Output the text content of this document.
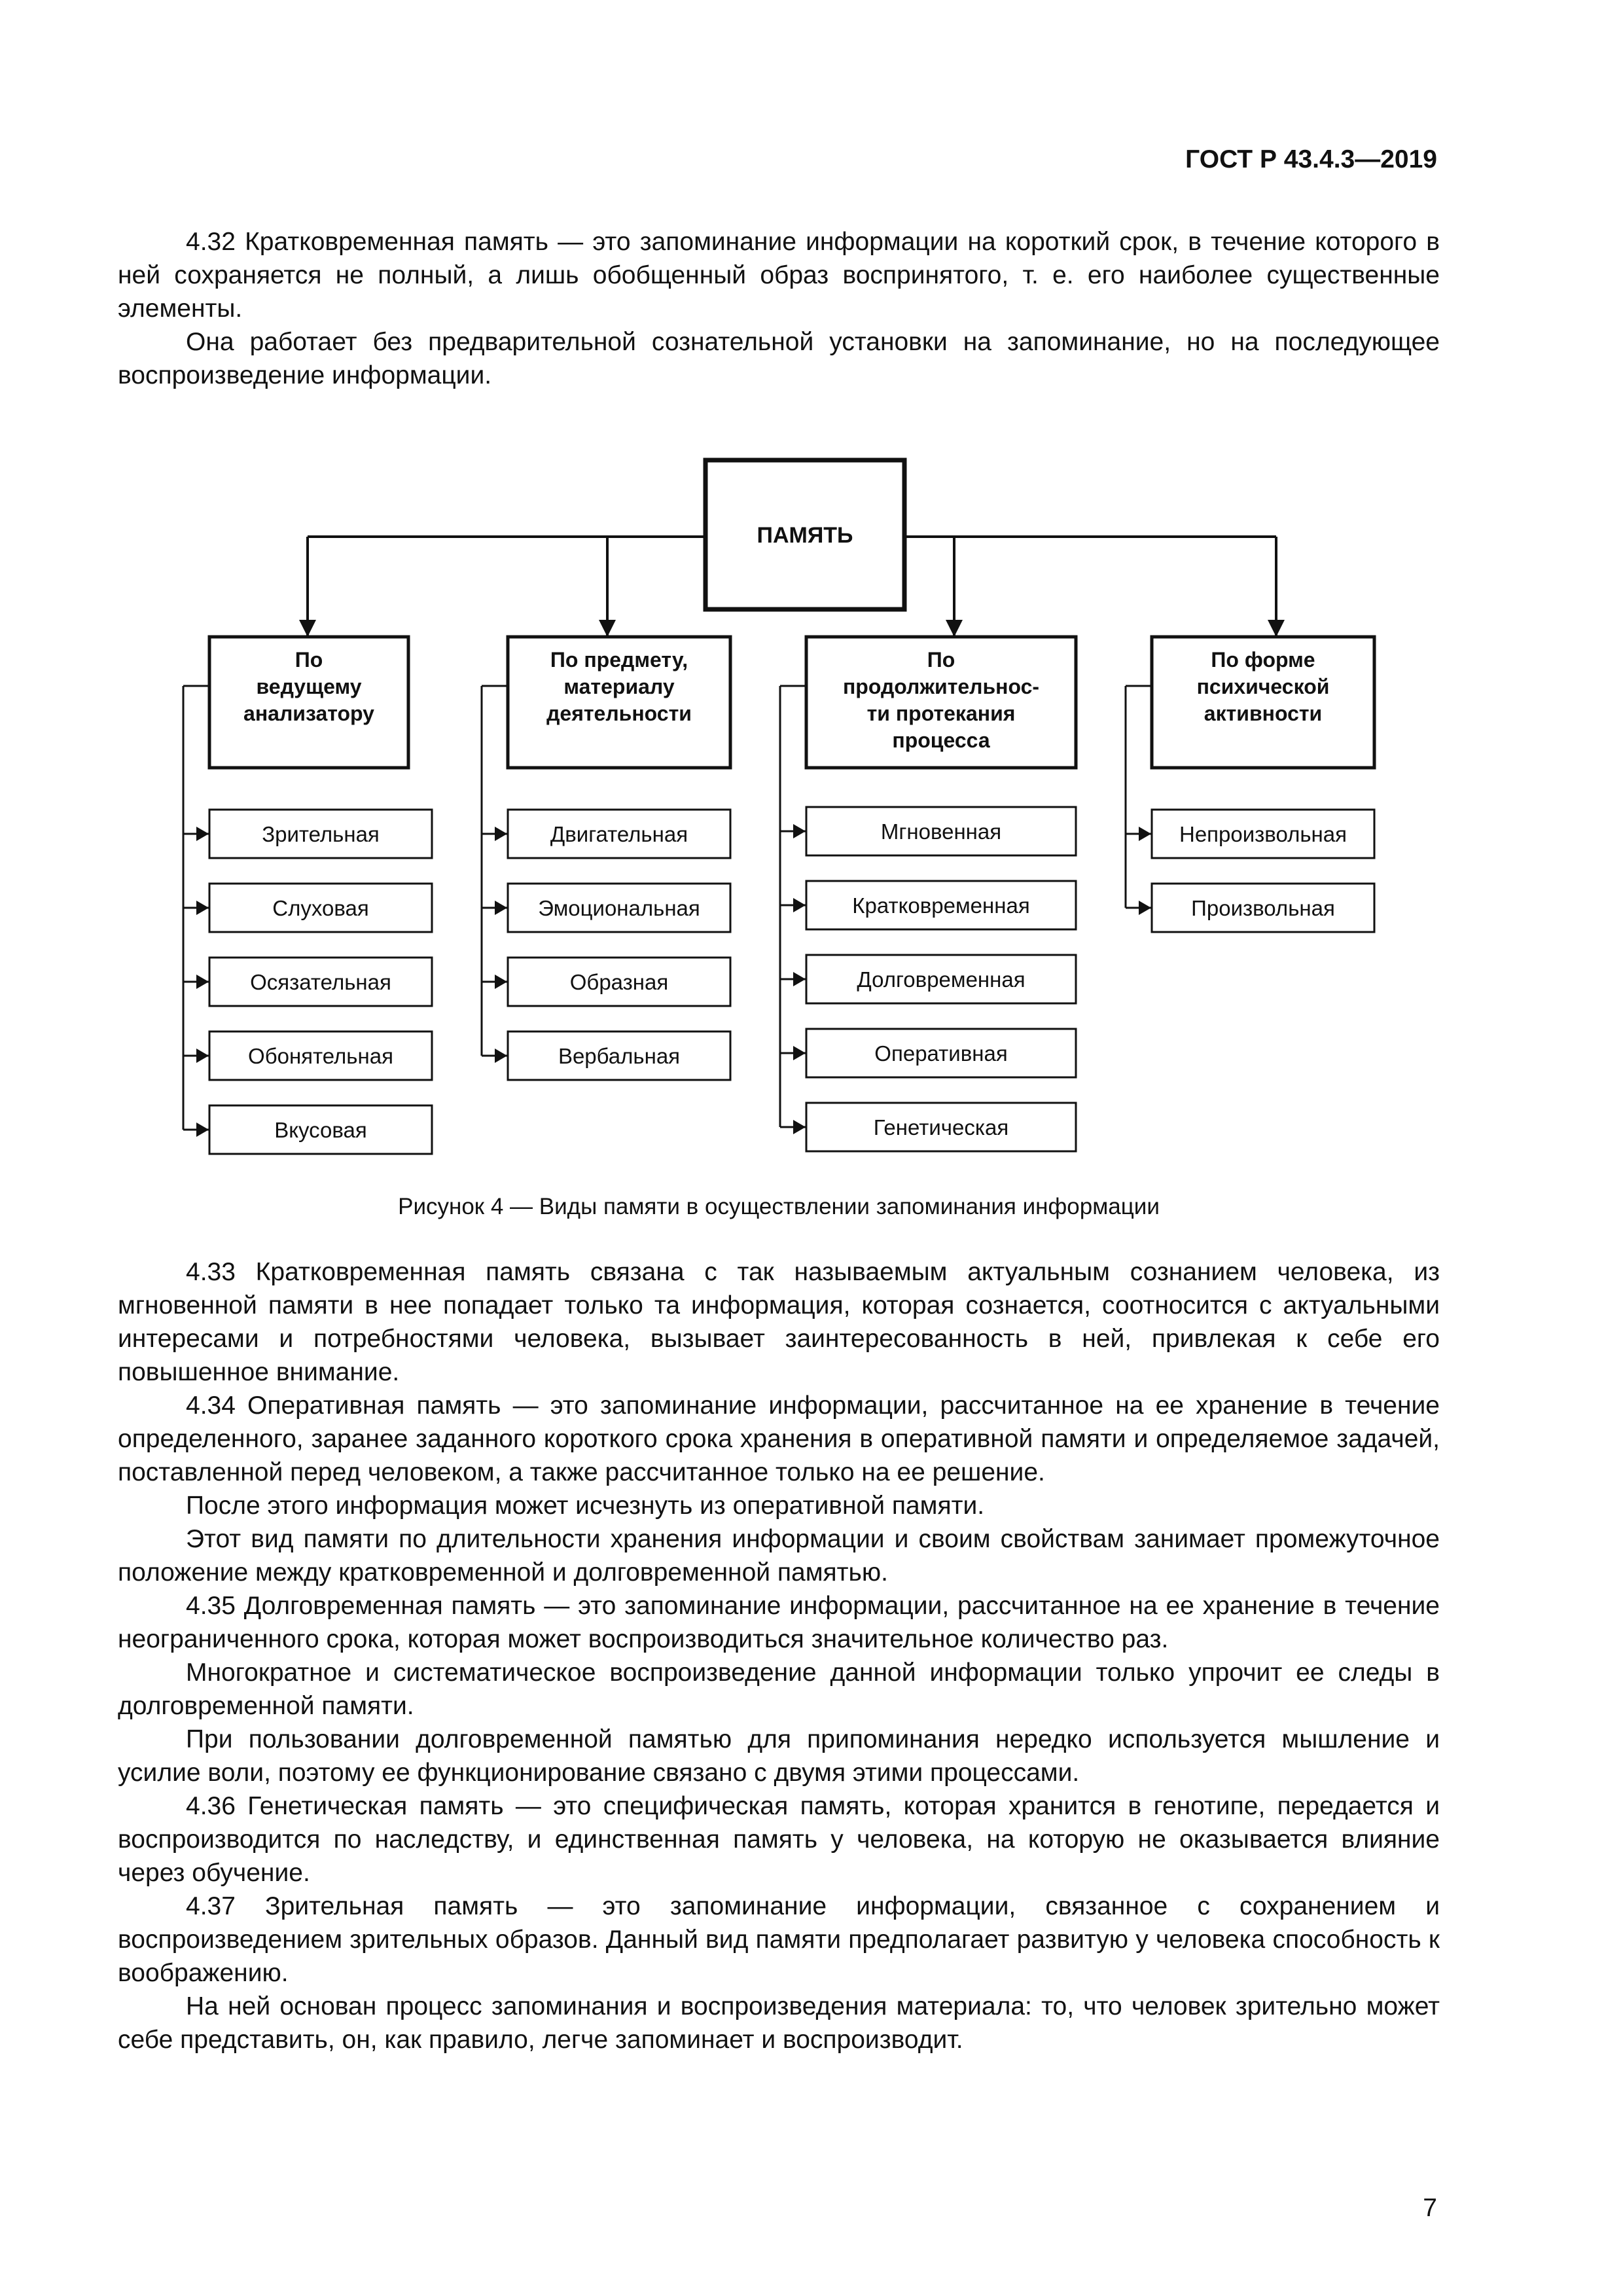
ГОСТ Р 43.4.3—2019

4.32 Кратковременная память — это запоминание информации на короткий срок, в течение которого в ней сохраняется не полный, а лишь обобщенный образ воспринятого, т. е. его наиболее существенные элементы.

Она работает без предварительной сознательной установки на запоминание, но на последующее воспроизведение информации.

ПАМЯТЬ
По
ведущему
анализатору
Зрительная
Слуховая
Осязательная
Обонятельная
Вкусовая
По предмету,
материалу
деятельности
Двигательная
Эмоциональная
Образная
Вербальная
По
продолжительнос-
ти протекания
процесса
Мгновенная
Кратковременная
Долговременная
Оперативная
Генетическая
По форме
психической
активности
Непроизвольная
Произвольная
Рисунок 4 — Виды памяти в осуществлении запоминания информации

4.33 Кратковременная память связана с так называемым актуальным сознанием человека, из мгновенной памяти в нее попадает только та информация, которая сознается, соотносится с актуальными интересами и потребностями человека, вызывает заинтересованность в ней, привлекая к себе его повышенное внимание.

4.34 Оперативная память — это запоминание информации, рассчитанное на ее хранение в течение определенного, заранее заданного короткого срока хранения в оперативной памяти и определяемое задачей, поставленной перед человеком, а также рассчитанное только на ее решение.

После этого информация может исчезнуть из оперативной памяти.

Этот вид памяти по длительности хранения информации и своим свойствам занимает промежуточное положение между кратковременной и долговременной памятью.

4.35 Долговременная память — это запоминание информации, рассчитанное на ее хранение в течение неограниченного срока, которая может воспроизводиться значительное количество раз.

Многократное и систематическое воспроизведение данной информации только упрочит ее следы в долговременной памяти.

При пользовании долговременной памятью для припоминания нередко используется мышление и усилие воли, поэтому ее функционирование связано с двумя этими процессами.

4.36 Генетическая память — это специфическая память, которая хранится в генотипе, передается и воспроизводится по наследству, и единственная память у человека, на которую не оказывается влияние через обучение.

4.37 Зрительная память — это запоминание информации, связанное с сохранением и воспроизведением зрительных образов. Данный вид памяти предполагает развитую у человека способность к воображению.

На ней основан процесс запоминания и воспроизведения материала: то, что человек зрительно может себе представить, он, как правило, легче запоминает и воспроизводит.

7
